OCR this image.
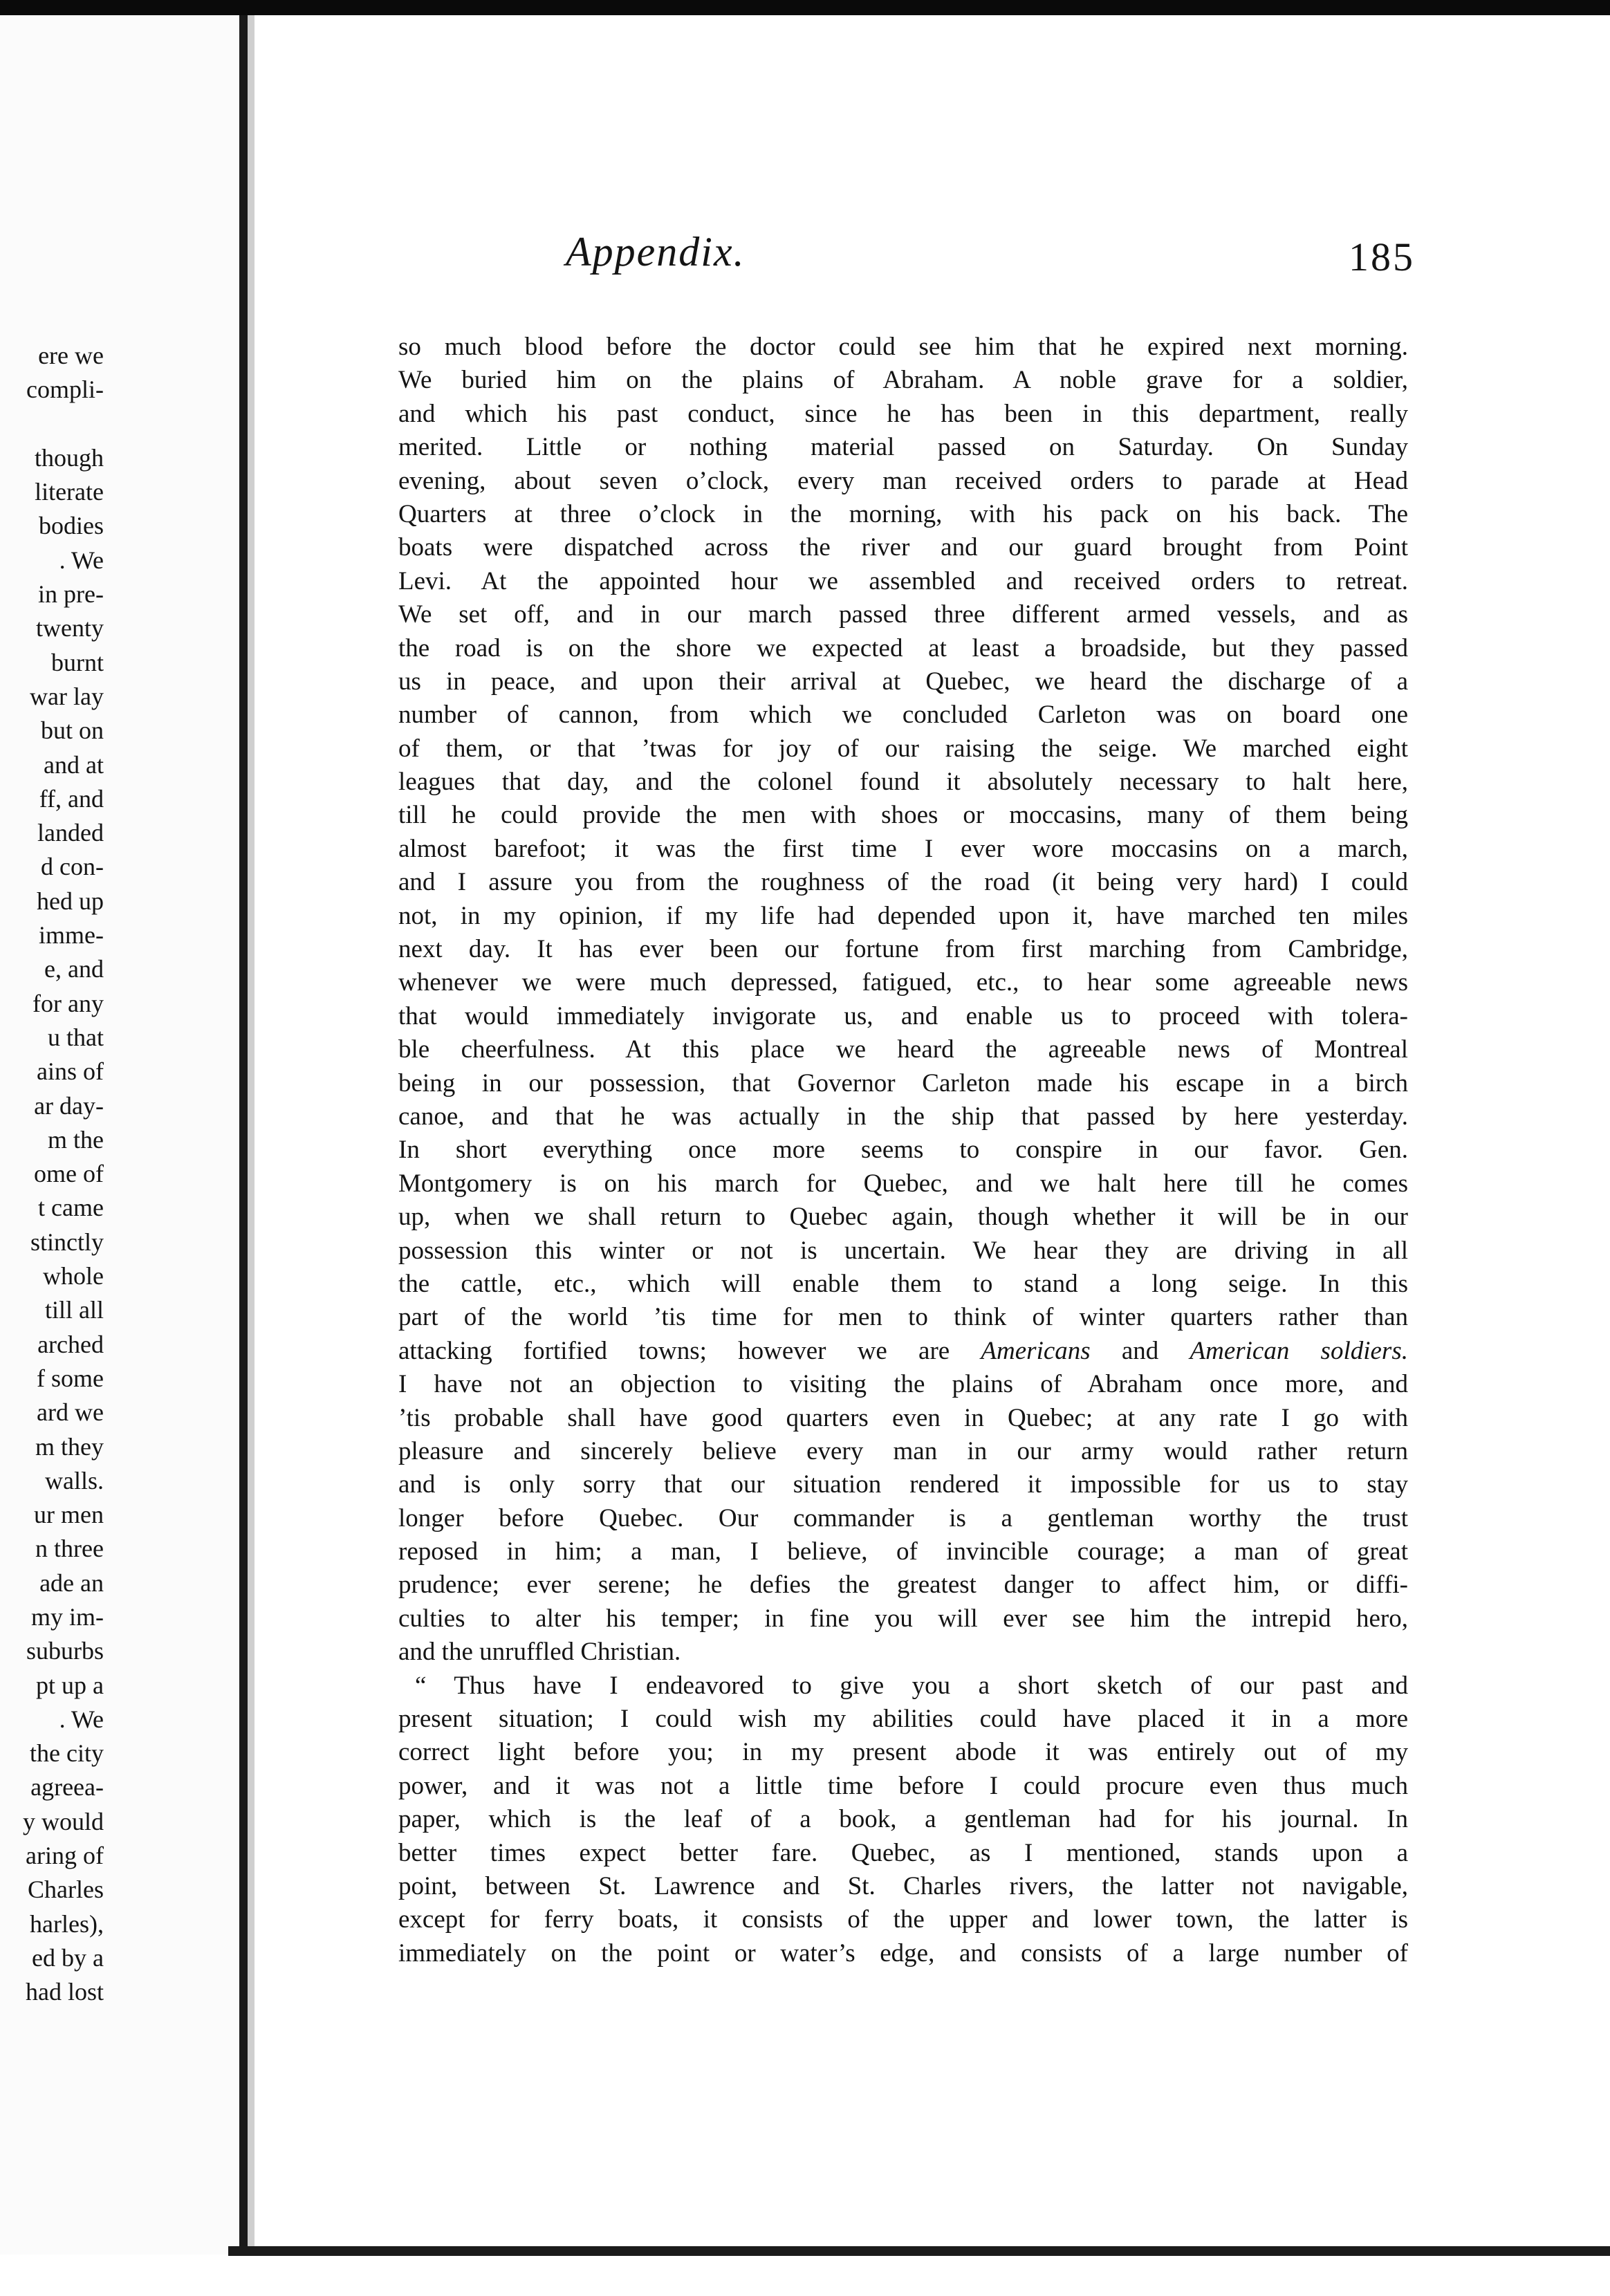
ere we
compli-

though
literate
bodies
. We
in pre-
twenty
burnt
war lay
but on
and at
ff, and
landed
d con-
hed up
imme-
e, and
for any
u that
ains of
ar day-
m the
ome of
t came
stinctly
whole
till all
arched
f some
ard we
m they
walls.
ur men
n three
ade an
my im-
suburbs
pt up a
. We
the city
agreea-
y would
aring of
Charles
harles),
ed by a
had lost
Appendix.	185
so much blood before the doctor could see him that he expired next morning.
We buried him on the plains of Abraham. A noble grave for a soldier,
and which his past conduct, since he has been in this department, really
merited. Little or nothing material passed on Saturday. On Sunday
evening, about seven o’clock, every man received orders to parade at Head
Quarters at three o’clock in the morning, with his pack on his back. The
boats were dispatched across the river and our guard brought from Point
Levi. At the appointed hour we assembled and received orders to retreat.
We set off, and in our march passed three different armed vessels, and as
the road is on the shore we expected at least a broadside, but they passed
us in peace, and upon their arrival at Quebec, we heard the discharge of a
number of cannon, from which we concluded Carleton was on board one
of them, or that ’twas for joy of our raising the seige. We marched eight
leagues that day, and the colonel found it absolutely necessary to halt here,
till he could provide the men with shoes or moccasins, many of them being
almost barefoot; it was the first time I ever wore moccasins on a march,
and I assure you from the roughness of the road (it being very hard) I could
not, in my opinion, if my life had depended upon it, have marched ten miles
next day. It has ever been our fortune from first marching from Cambridge,
whenever we were much depressed, fatigued, etc., to hear some agreeable news
that would immediately invigorate us, and enable us to proceed with tolera-
ble cheerfulness. At this place we heard the agreeable news of Montreal
being in our possession, that Governor Carleton made his escape in a birch
canoe, and that he was actually in the ship that passed by here yesterday.
In short everything once more seems to conspire in our favor. Gen.
Montgomery is on his march for Quebec, and we halt here till he comes
up, when we shall return to Quebec again, though whether it will be in our
possession this winter or not is uncertain. We hear they are driving in all
the cattle, etc., which will enable them to stand a long seige. In this
part of the world ’tis time for men to think of winter quarters rather than
attacking fortified towns; however we are Americans and American soldiers.
I have not an objection to visiting the plains of Abraham once more, and
’tis probable shall have good quarters even in Quebec; at any rate I go with
pleasure and sincerely believe every man in our army would rather return
and is only sorry that our situation rendered it impossible for us to stay
longer before Quebec. Our commander is a gentleman worthy the trust
reposed in him; a man, I believe, of invincible courage; a man of great
prudence; ever serene; he defies the greatest danger to affect him, or diffi-
culties to alter his temper; in fine you will ever see him the intrepid hero,
and the unruffled Christian.
“ Thus have I endeavored to give you a short sketch of our past and
present situation; I could wish my abilities could have placed it in a more
correct light before you; in my present abode it was entirely out of my
power, and it was not a little time before I could procure even thus much
paper, which is the leaf of a book, a gentleman had for his journal. In
better times expect better fare. Quebec, as I mentioned, stands upon a
point, between St. Lawrence and St. Charles rivers, the latter not navigable,
except for ferry boats, it consists of the upper and lower town, the latter is
immediately on the point or water’s edge, and consists of a large number of
